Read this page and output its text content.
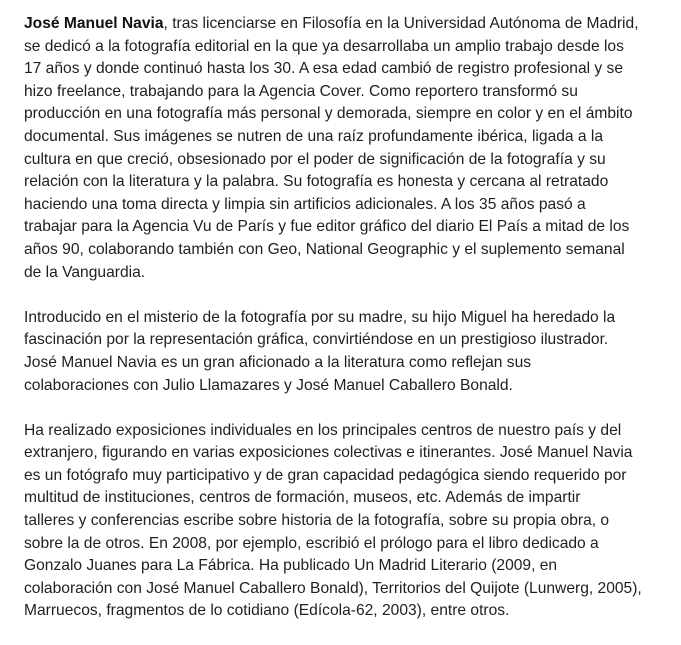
José Manuel Navia, tras licenciarse en Filosofía en la Universidad Autónoma de Madrid,
se dedicó a la fotografía editorial en la que ya desarrollaba un amplio trabajo desde los
17 años y donde continuó hasta los 30. A esa edad cambió de registro profesional y se
hizo freelance, trabajando para la Agencia Cover. Como reportero transformó su
producción en una fotografía más personal y demorada, siempre en color y en el ámbito
documental. Sus imágenes se nutren de una raíz profundamente ibérica, ligada a la
cultura en que creció, obsesionado por el poder de significación de la fotografía y su
relación con la literatura y la palabra. Su fotografía es honesta y cercana al retratado
haciendo una toma directa y limpia sin artificios adicionales. A los 35 años pasó a
trabajar para la Agencia Vu de París y fue editor gráfico del diario El País a mitad de los
años 90, colaborando también con Geo, National Geographic y el suplemento semanal
de la Vanguardia.

Introducido en el misterio de la fotografía por su madre, su hijo Miguel ha heredado la
fascinación por la representación gráfica, convirtiéndose en un prestigioso ilustrador.
José Manuel Navia es un gran aficionado a la literatura como reflejan sus
colaboraciones con Julio Llamazares y José Manuel Caballero Bonald.

Ha realizado exposiciones individuales en los principales centros de nuestro país y del
extranjero, figurando en varias exposiciones colectivas e itinerantes. José Manuel Navia
es un fotógrafo muy participativo y de gran capacidad pedagógica siendo requerido por
multitud de instituciones, centros de formación, museos, etc. Además de impartir
talleres y conferencias escribe sobre historia de la fotografía, sobre su propia obra, o
sobre la de otros. En 2008, por ejemplo, escribió el prólogo para el libro dedicado a
Gonzalo Juanes para La Fábrica. Ha publicado Un Madrid Literario (2009, en
colaboración con José Manuel Caballero Bonald), Territorios del Quijote (Lunwerg, 2005),
Marruecos, fragmentos de lo cotidiano (Edícola-62, 2003), entre otros.
